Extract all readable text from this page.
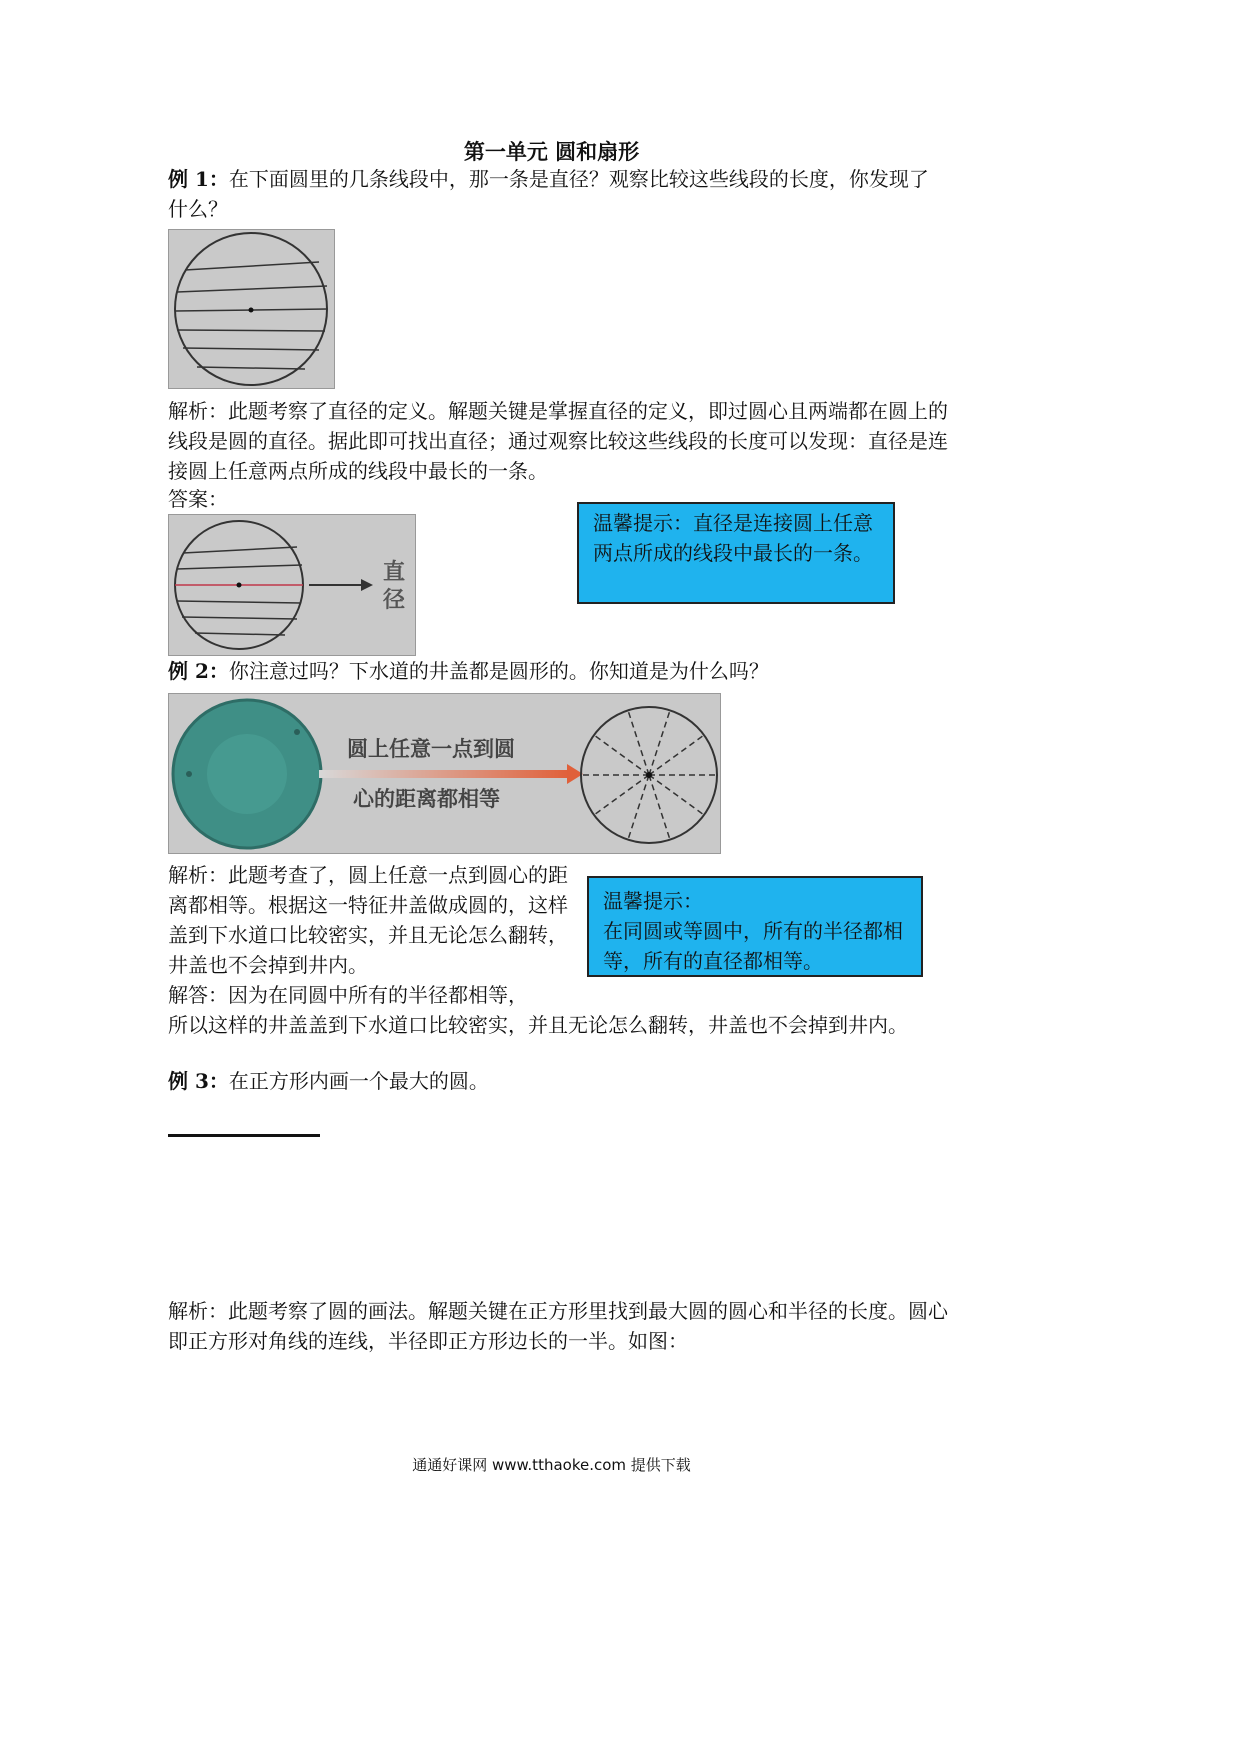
第一单元 圆和扇形
例 1：在下面圆里的几条线段中，那一条是直径？观察比较这些线段的长度，你发现了什么？
解析：此题考察了直径的定义。解题关键是掌握直径的定义，即过圆心且两端都在圆上的线段是圆的直径。据此即可找出直径；通过观察比较这些线段的长度可以发现：直径是连接圆上任意两点所成的线段中最长的一条。
答案：
直
径
温馨提示：直径是连接圆上任意两点所成的线段中最长的一条。
例 2：你注意过吗？下水道的井盖都是圆形的。你知道是为什么吗？
圆上任意一点到圆
心的距离都相等
解析：此题考查了，圆上任意一点到圆心的距离都相等。根据这一特征井盖做成圆的，这样盖到下水道口比较密实，并且无论怎么翻转，井盖也不会掉到井内。
解答：因为在同圆中所有的半径都相等，
所以这样的井盖盖到下水道口比较密实，并且无论怎么翻转，井盖也不会掉到井内。
温馨提示：
在同圆或等圆中，所有的半径都相等，所有的直径都相等。
例 3：在正方形内画一个最大的圆。
解析：此题考察了圆的画法。解题关键在正方形里找到最大圆的圆心和半径的长度。圆心即正方形对角线的连线，半径即正方形边长的一半。如图：
通通好课网 www.tthaoke.com 提供下载
